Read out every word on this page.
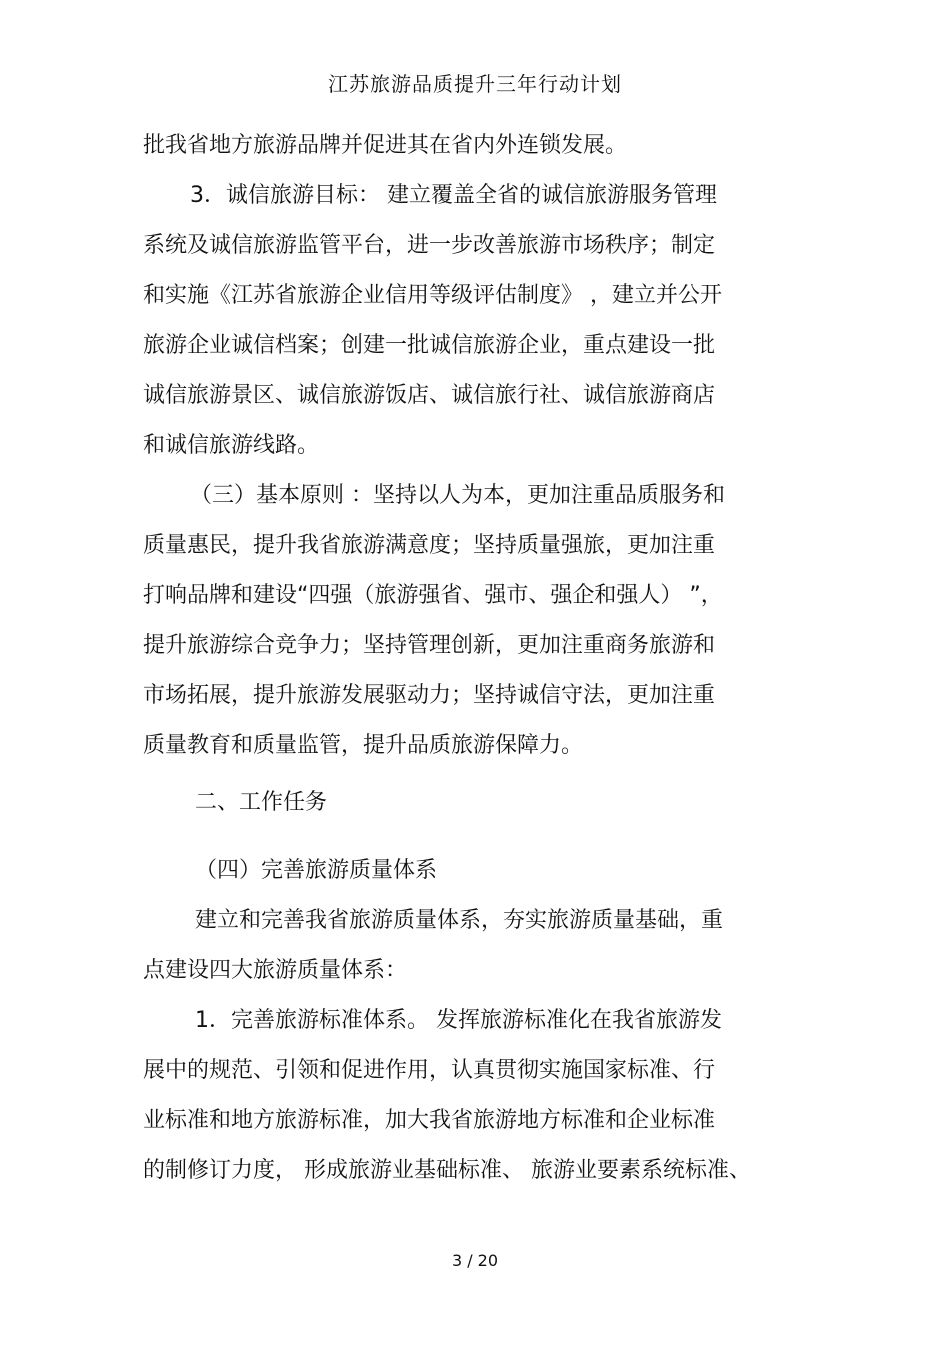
江苏旅游品质提升三年行动计划
批我省地方旅游品牌并促进其在省内外连锁发展。
3．诚信旅游目标： 建立覆盖全省的诚信旅游服务管理
系统及诚信旅游监管平台，进一步改善旅游市场秩序；制定
和实施《江苏省旅游企业信用等级评估制度》 ，建立并公开
旅游企业诚信档案；创建一批诚信旅游企业，重点建设一批
诚信旅游景区、诚信旅游饭店、诚信旅行社、诚信旅游商店
和诚信旅游线路。
（三）基本原则 ：坚持以人为本，更加注重品质服务和
质量惠民，提升我省旅游满意度；坚持质量强旅，更加注重
打响品牌和建设“四强（旅游强省、强市、强企和强人） ”，
提升旅游综合竞争力；坚持管理创新，更加注重商务旅游和
市场拓展，提升旅游发展驱动力；坚持诚信守法，更加注重
质量教育和质量监管，提升品质旅游保障力。
二、工作任务
（四）完善旅游质量体系
建立和完善我省旅游质量体系，夯实旅游质量基础，重
点建设四大旅游质量体系：
1．完善旅游标准体系。 发挥旅游标准化在我省旅游发
展中的规范、引领和促进作用，认真贯彻实施国家标准、行
业标准和地方旅游标准，加大我省旅游地方标准和企业标准
的制修订力度， 形成旅游业基础标准、 旅游业要素系统标准、
3 / 20
